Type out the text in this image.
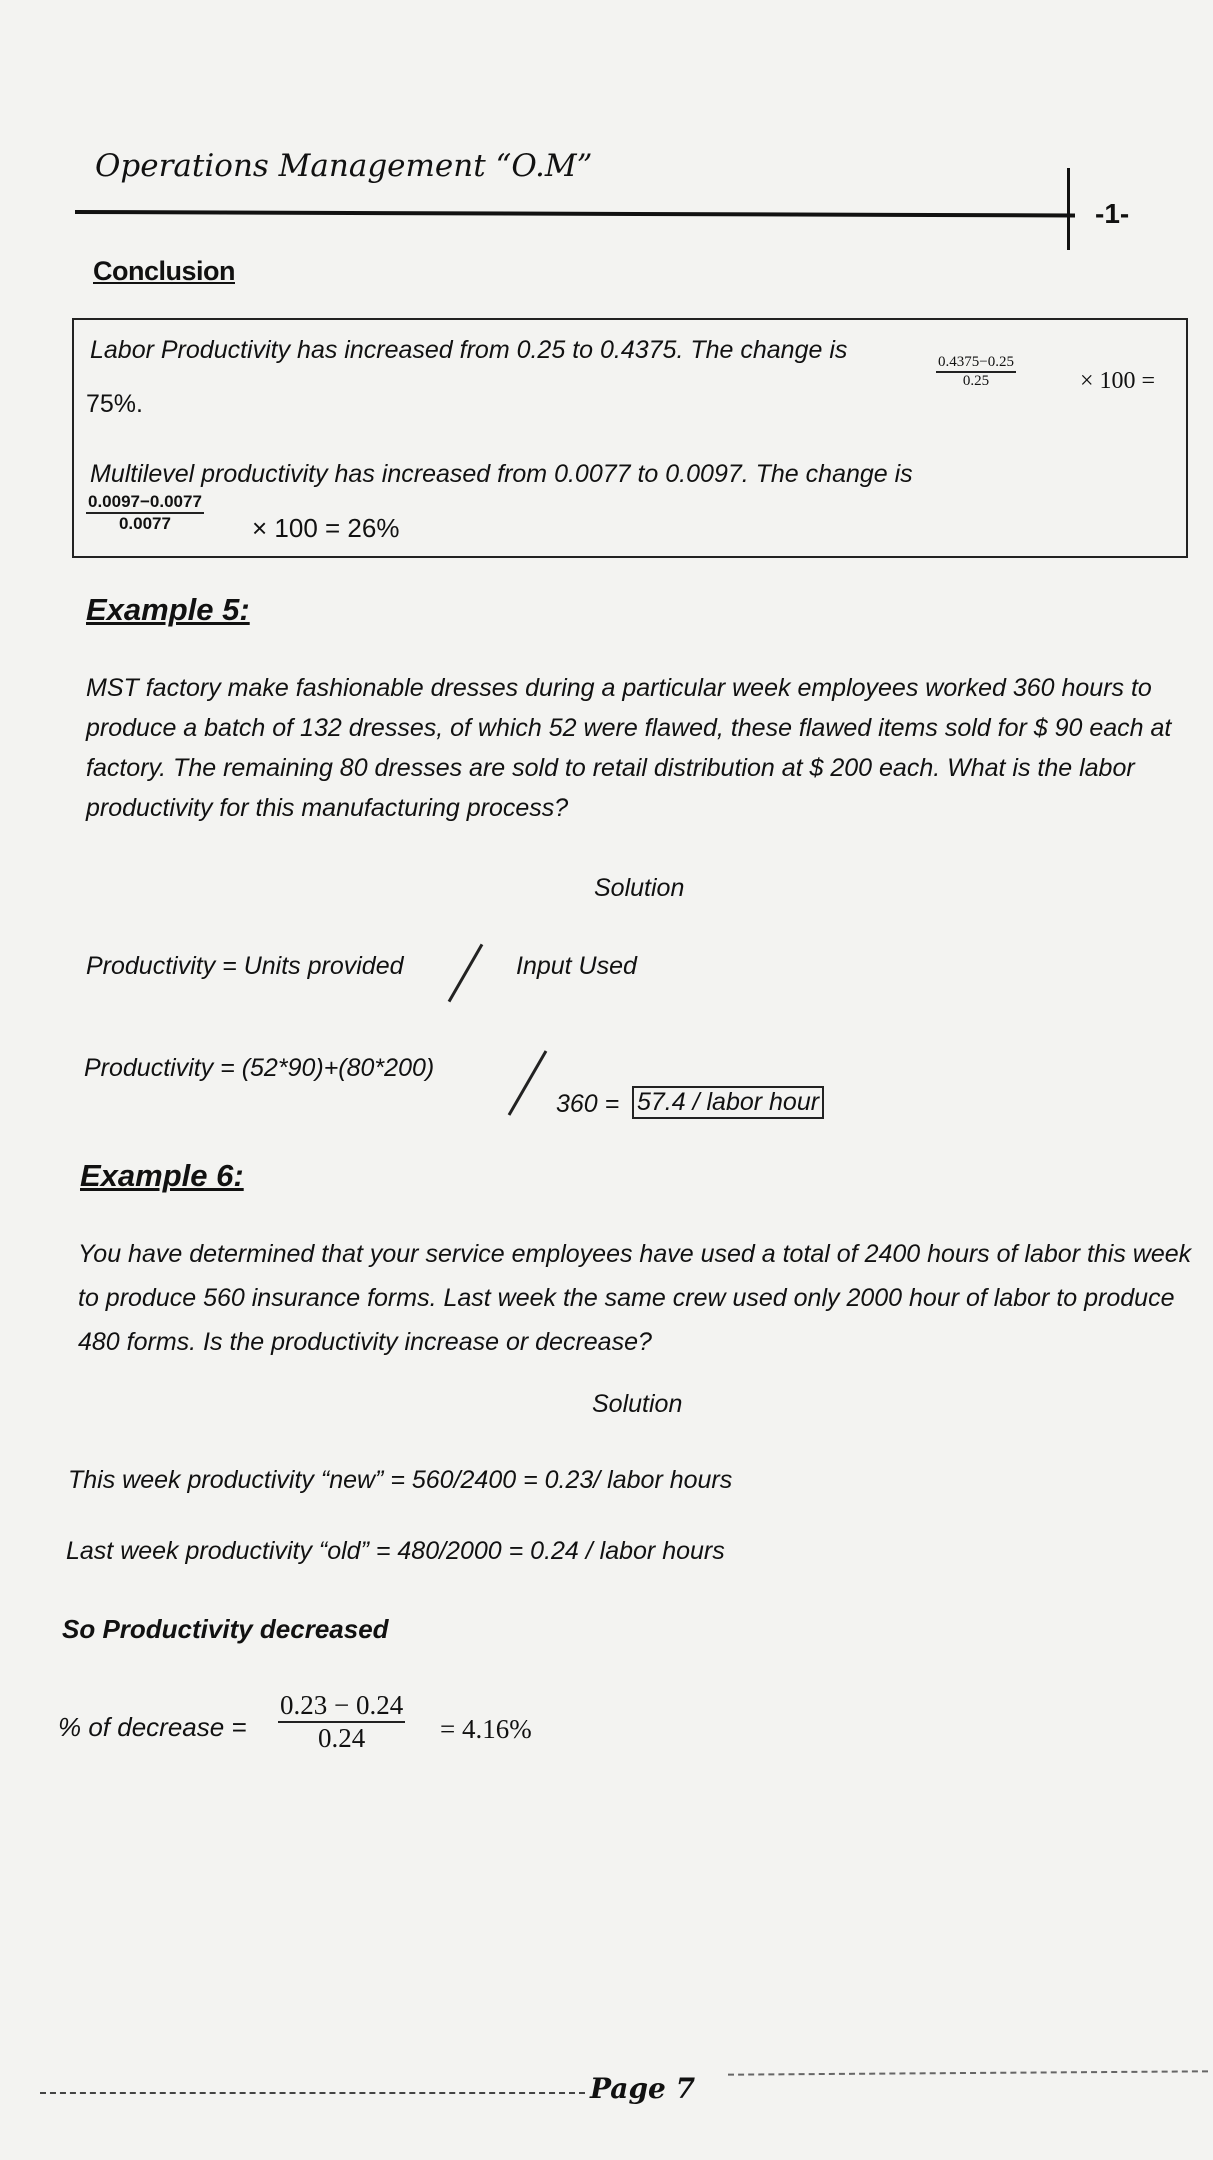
Operations Management “O.M”
-1-
Conclusion
Labor Productivity has increased from 0.25 to 0.4375. The change is
$\frac{0.4375-0.25}{0.25}$	× 100 =
75%.
Multilevel productivity has increased from 0.0077 to 0.0097. The change is
$\frac{0.0097-0.0077}{0.0077} \times 100 = 26\%$
Example 5:
MST factory make fashionable dresses during a particular week employees worked 360 hours to produce a batch of 132 dresses, of which 52 were flawed, these flawed items sold for $ 90 each at factory. The remaining 80 dresses are sold to retail distribution at $ 200 each. What is the labor productivity for this manufacturing process?
Solution
Productivity = Units provided	Input Used
Productivity = (52*90)+(80*200)
360 = 57.4 / labor hour
Example 6:
You have determined that your service employees have used a total of 2400 hours of labor this week to produce 560 insurance forms. Last week the same crew used only 2000 hour of labor to produce 480 forms. Is the productivity increase or decrease?
Solution
This week productivity “new” = 560/2400 = 0.23/ labor hours
Last week productivity “old” = 480/2000 = 0.24 / labor hours
So Productivity decreased
% of decrease = $\frac{0.23 - 0.24}{0.24} = 4.16\%$
Page 7
